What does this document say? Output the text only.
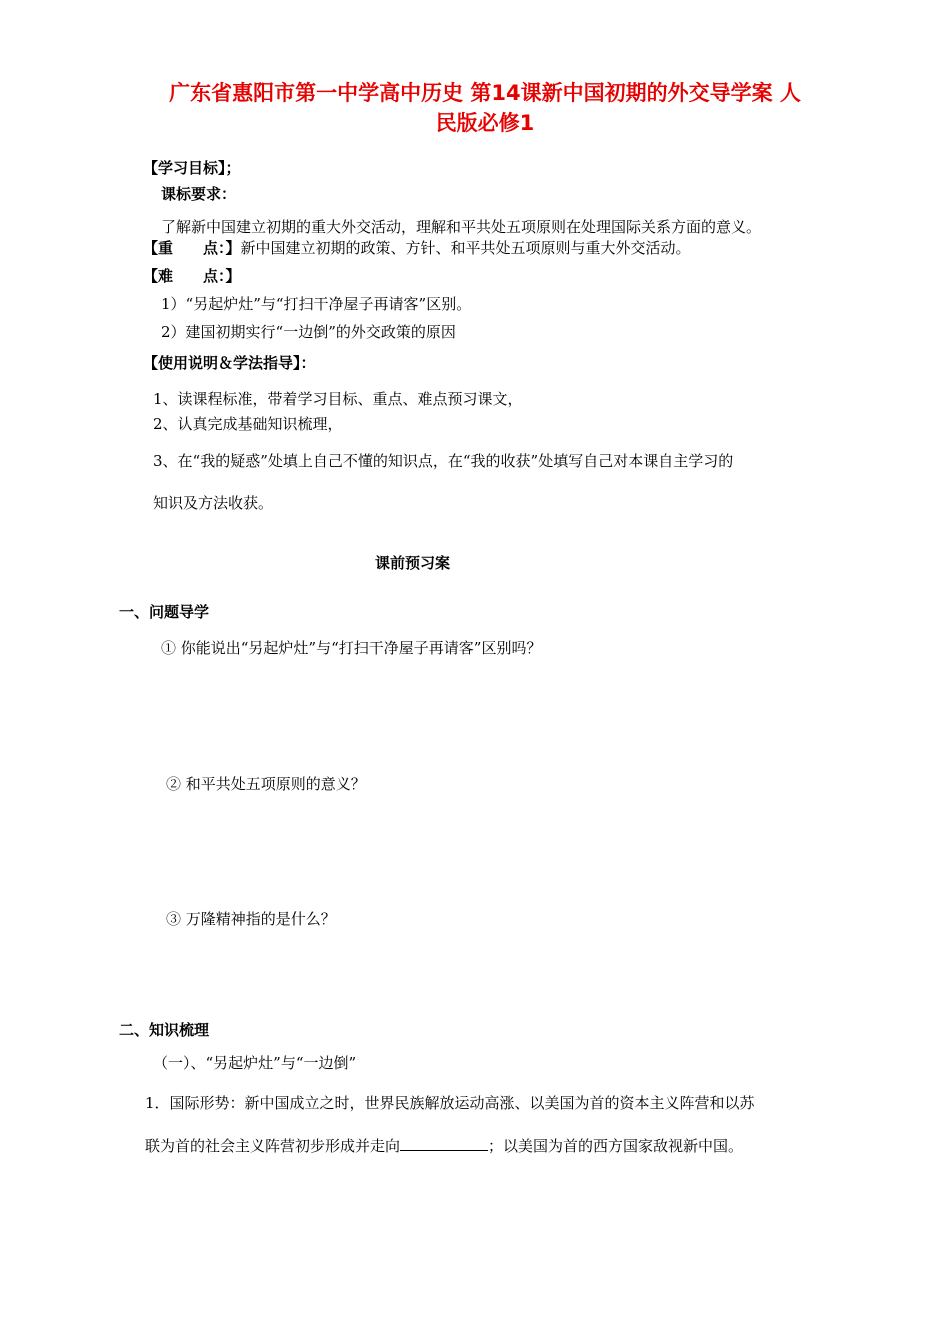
广东省惠阳市第一中学高中历史 第14课新中国初期的外交导学案 人
民版必修1
【学习目标】；
课标要求：
了解新中国建立初期的重大外交活动，理解和平共处五项原则在处理国际关系方面的意义。
【重　　点：】新中国建立初期的政策、方针、和平共处五项原则与重大外交活动。
【难　　点：】
1）“另起炉灶”与“打扫干净屋子再请客”区别。
2）建国初期实行“一边倒”的外交政策的原因
【使用说明＆学法指导】：
1、读课程标准，带着学习目标、重点、难点预习课文，
2、认真完成基础知识梳理，
3、在“我的疑惑”处填上自己不懂的知识点，在“我的收获”处填写自己对本课自主学习的
知识及方法收获。
课前预习案
一、问题导学
① 你能说出“另起炉灶”与“打扫干净屋子再请客”区别吗？
② 和平共处五项原则的意义？
③ 万隆精神指的是什么？
二、知识梳理
（一）、“另起炉灶”与“一边倒”
1．国际形势：新中国成立之时，世界民族解放运动高涨、以美国为首的资本主义阵营和以苏
联为首的社会主义阵营初步形成并走向	；以美国为首的西方国家敌视新中国。
